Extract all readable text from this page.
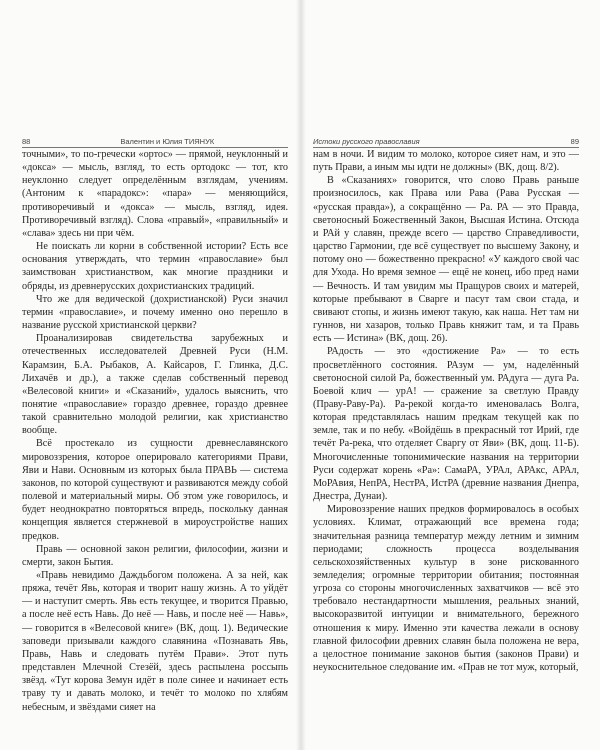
88	Валентин и Юлия ТИЯНУК

точными», то по-гречески «ортос» — прямой, неуклонный и «докса» — мысль, взгляд, то есть ортодокс — тот, кто неуклонно следует определённым взглядам, учениям. (Антоним к «парадокс»: «пара» — меняющийся, противоречивый и «докса» — мысль, взгляд, идея. Противоречивый взгляд). Слова «правый», «правильный» и «слава» здесь ни при чём.

Не поискать ли корни в собственной истории? Есть все основания утверждать, что термин «православие» был заимствован христианством, как многие праздники и обряды, из древнерусских дохристианских традиций.

Что же для ведической (дохристианской) Руси значил термин «православие», и почему именно оно перешло в название русской христианской церкви?

Проанализировав свидетельства зарубежных и отечественных исследователей Древней Руси (Н.М. Карамзин, Б.А. Рыбаков, А. Кайсаров, Г. Глинка, Д.С. Лихачёв и др.), а также сделав собственный перевод «Велесовой книги» и «Сказаний», удалось выяснить, что понятие «православие» гораздо древнее, гораздо древнее такой сравнительно молодой религии, как христианство вообще.

Всё простекало из сущности древнеславянского мировоззрения, которое оперировало категориями Прави, Яви и Нави. Основным из которых была ПРАВЬ — система законов, по которой существуют и развиваются между собой полевой и материальный миры. Об этом уже говорилось, и будет неоднократно повторяться впредь, поскольку данная концепция является стержневой в мироустройстве наших предков.

Правь — основной закон религии, философии, жизни и смерти, закон Бытия.

«Правь невидимо Даждьбогом положена. А за ней, как пряжа, течёт Явь, которая и творит нашу жизнь. А то уйдёт — и наступит смерть. Явь есть текущее, и творится Правью, а после неё есть Навь. До неё — Навь, и после неё — Навь», — говорится в «Велесовой книге» (ВК, дощ. 1). Ведические заповеди призывали каждого славянина «Познавать Явь, Правь, Навь и следовать путём Прави». Этот путь представлен Млечной Стезёй, здесь распылена россыпь звёзд. «Тут корова Земун идёт в поле синее и начинает есть траву ту и давать молоко, и течёт то молоко по хлябям небесным, и звёздами сияет на

Истоки русского православия	89

нам в ночи. И видим то молоко, которое сияет нам, и это — путь Прави, а иным мы идти не должны» (ВК, дощ. 8/2).

В «Сказаниях» говорится, что слово Правь раньше произносилось, как Права или Рава (Рава Русская — «русская правда»), а сокращённо — Ра. РА — это Правда, светоносный Божественный Закон, Высшая Истина. Отсюда и РАй у славян, прежде всего — царство Справедливости, царство Гармонии, где всё существует по высшему Закону, и потому оно — божественно прекрасно! «У каждого свой час для Ухода. Но время земное — ещё не конец, ибо пред нами — Вечность. И там увидим мы Пращуров своих и матерей, которые пребывают в Сварге и пасут там свои стада, и свивают стопы, и жизнь имеют такую, как наша. Нет там ни гуннов, ни хазаров, только Правь княжит там, и та Правь есть — Истина» (ВК, дощ. 26).

РАдость — это «достижение Ра» — то есть просветлённого состояния. РАзум — ум, наделённый светоносной силой Ра, божественный ум. РАдуга — дуга Ра. Боевой клич — урА! — сражение за светлую Правду (Праву-Раву-Ра). Ра-рекой когда-то именовалась Волга, которая представлялась нашим предкам текущей как по земле, так и по небу. «Войдёшь в прекрасный тот Ирий, где течёт Ра-река, что отделяет Сваргу от Яви» (ВК, дощ. 11-Б). Многочисленные топонимические названия на территории Руси содержат корень «Ра»: СамаРА, УРАл, АРАкс, АРАл, МоРАвия, НепРА, НестРА, ИстРА (древние названия Днепра, Днестра, Дунаи).

Мировоззрение наших предков формировалось в особых условиях. Климат, отражающий все времена года; значительная разница температур между летним и зимним периодами; сложность процесса возделывания сельскохозяйственных культур в зоне рискованного земледелия; огромные территории обитания; постоянная угроза со стороны многочисленных захватчиков — всё это требовало нестандартности мышления, реальных знаний, высокоразвитой интуиции и внимательного, бережного отношения к миру. Именно эти качества лежали в основу главной философии древних славян была положена не вера, а целостное понимание законов бытия (законов Прави) и неукоснительное следование им. «Прав не тот муж, который,
